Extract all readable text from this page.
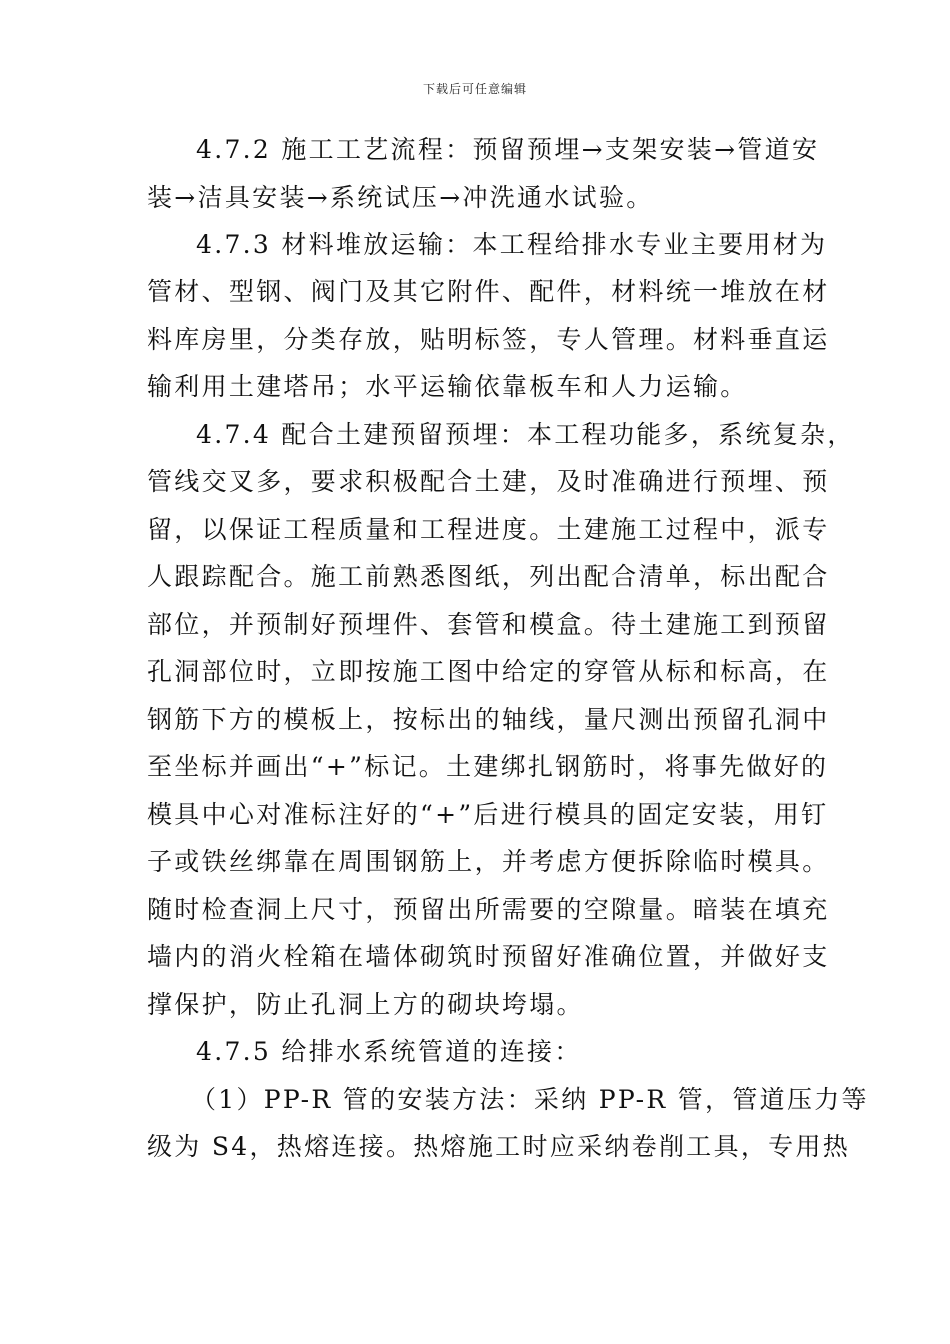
下载后可任意编辑
4.7.2 施工工艺流程：预留预埋→支架安装→管道安
装→洁具安装→系统试压→冲洗通水试验。
4.7.3 材料堆放运输：本工程给排水专业主要用材为
管材、型钢、阀门及其它附件、配件，材料统一堆放在材
料库房里，分类存放，贴明标签，专人管理。材料垂直运
输利用土建塔吊；水平运输依靠板车和人力运输。
4.7.4 配合土建预留预埋：本工程功能多，系统复杂，
管线交叉多，要求积极配合土建，及时准确进行预埋、预
留，以保证工程质量和工程进度。土建施工过程中，派专
人跟踪配合。施工前熟悉图纸，列出配合清单，标出配合
部位，并预制好预埋件、套管和模盒。待土建施工到预留
孔洞部位时，立即按施工图中给定的穿管从标和标高，在
钢筋下方的模板上，按标出的轴线，量尺测出预留孔洞中
至坐标并画出“+”标记。土建绑扎钢筋时，将事先做好的
模具中心对准标注好的“+”后进行模具的固定安装，用钉
子或铁丝绑靠在周围钢筋上，并考虑方便拆除临时模具。
随时检查洞上尺寸，预留出所需要的空隙量。暗装在填充
墙内的消火栓箱在墙体砌筑时预留好准确位置，并做好支
撑保护，防止孔洞上方的砌块垮塌。
4.7.5 给排水系统管道的连接：
（1）PP-R 管的安装方法：采纳 PP-R 管，管道压力等
级为 S4，热熔连接。热熔施工时应采纳卷削工具，专用热
